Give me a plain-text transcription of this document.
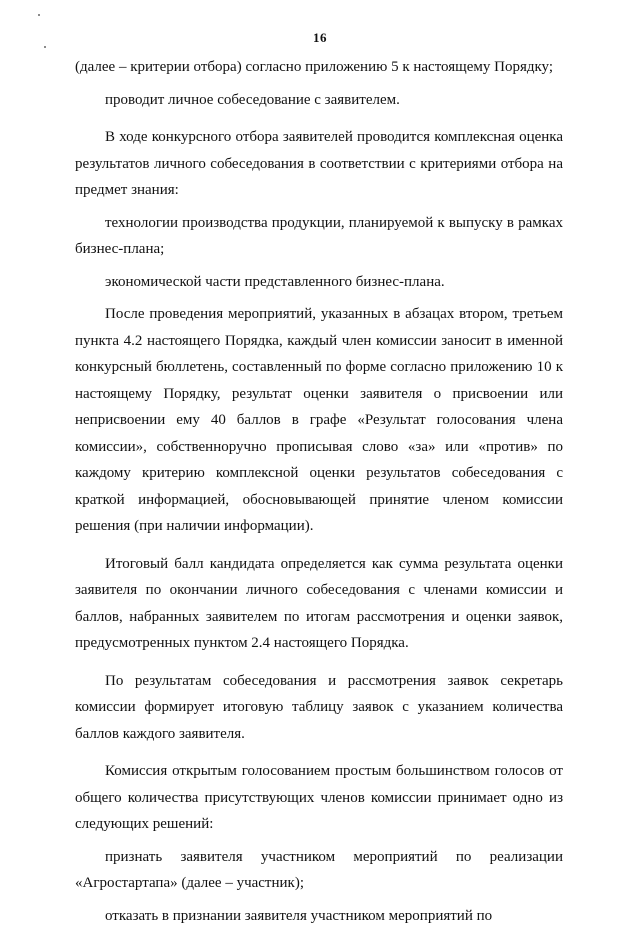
16

(далее – критерии отбора) согласно приложению 5 к настоящему Порядку;

проводит личное собеседование с заявителем.

В ходе конкурсного отбора заявителей проводится комплексная оценка результатов личного собеседования в соответствии с критериями отбора на предмет знания:

технологии производства продукции, планируемой к выпуску в рамках бизнес-плана;

экономической части представленного бизнес-плана.

После проведения мероприятий, указанных в абзацах втором, третьем пункта 4.2 настоящего Порядка, каждый член комиссии заносит в именной конкурсный бюллетень, составленный по форме согласно приложению 10 к настоящему Порядку, результат оценки заявителя о присвоении или неприсвоении ему 40 баллов в графе «Результат голосования члена комиссии», собственноручно прописывая слово «за» или «против» по каждому критерию комплексной оценки результатов собеседования с краткой информацией, обосновывающей принятие членом комиссии решения (при наличии информации).

Итоговый балл кандидата определяется как сумма результата оценки заявителя по окончании личного собеседования с членами комиссии и баллов, набранных заявителем по итогам рассмотрения и оценки заявок, предусмотренных пунктом 2.4 настоящего Порядка.

По результатам собеседования и рассмотрения заявок секретарь комиссии формирует итоговую таблицу заявок с указанием количества баллов каждого заявителя.

Комиссия открытым голосованием простым большинством голосов от общего количества присутствующих членов комиссии принимает одно из следующих решений:

признать заявителя участником мероприятий по реализации «Агростартапа» (далее – участник);

отказать в признании заявителя участником мероприятий по
